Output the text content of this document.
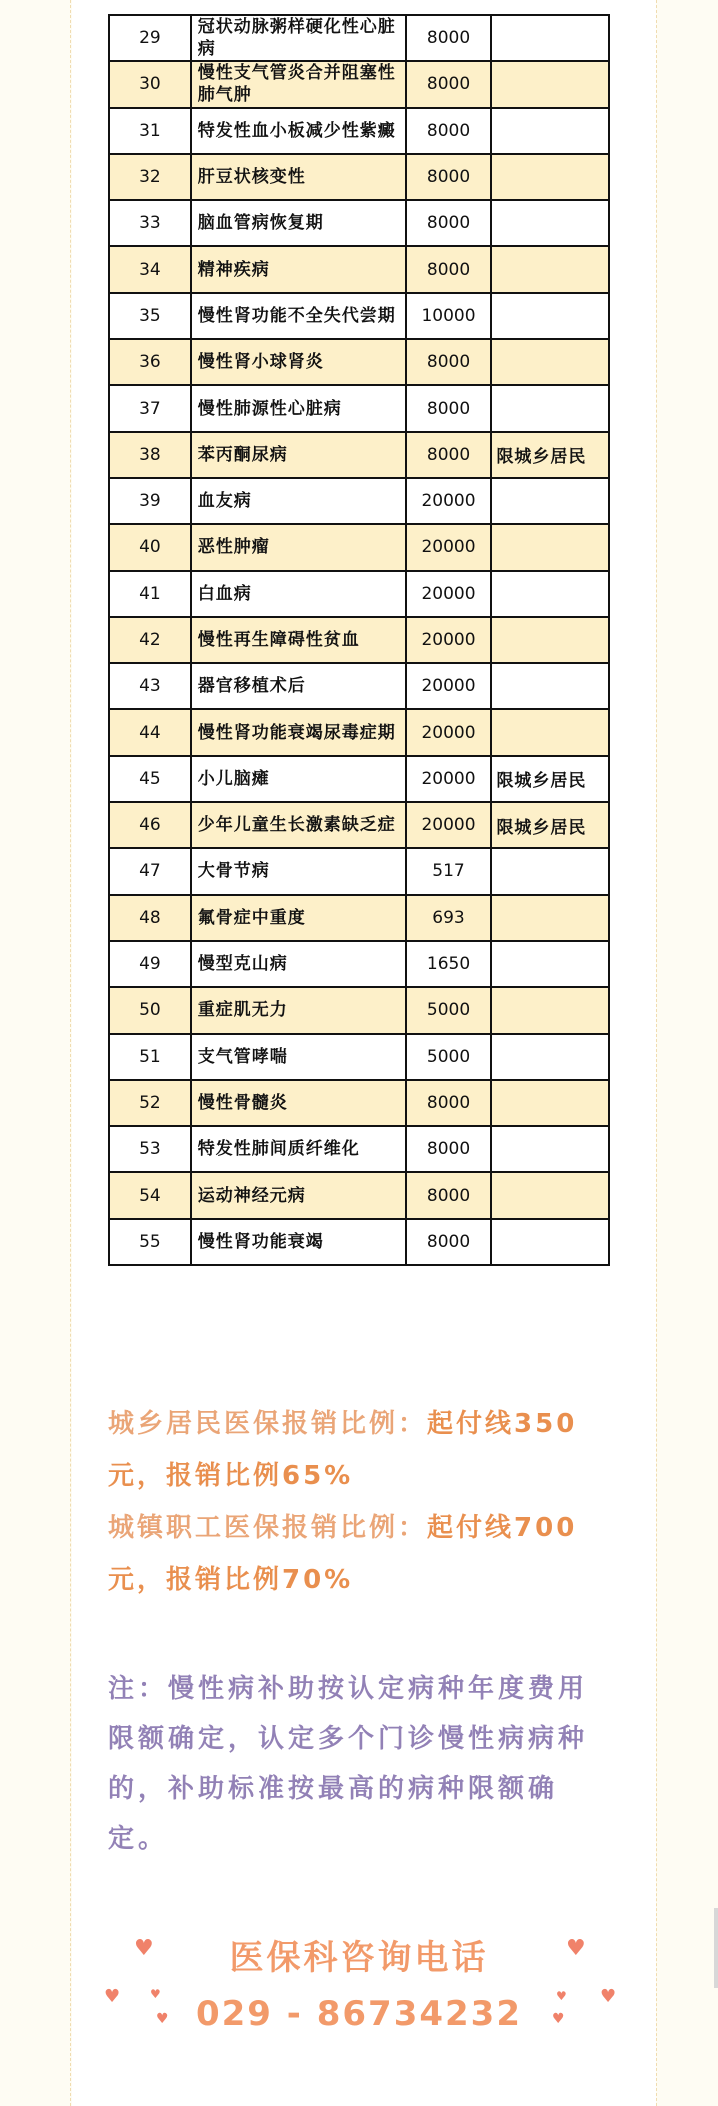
29	冠状动脉粥样硬化性心脏病	8000	
30	慢性支气管炎合并阻塞性肺气肿	8000	
31	特发性血小板减少性紫癜	8000	
32	肝豆状核变性	8000	
33	脑血管病恢复期	8000	
34	精神疾病	8000	
35	慢性肾功能不全失代尝期	10000	
36	慢性肾小球肾炎	8000	
37	慢性肺源性心脏病	8000	
38	苯丙酮尿病	8000	限城乡居民
39	血友病	20000	
40	恶性肿瘤	20000	
41	白血病	20000	
42	慢性再生障碍性贫血	20000	
43	器官移植术后	20000	
44	慢性肾功能衰竭尿毒症期	20000	
45	小儿脑瘫	20000	限城乡居民
46	少年儿童生长激素缺乏症	20000	限城乡居民
47	大骨节病	517	
48	氟骨症中重度	693	
49	慢型克山病	1650	
50	重症肌无力	5000	
51	支气管哮喘	5000	
52	慢性骨髓炎	8000	
53	特发性肺间质纤维化	8000	
54	运动神经元病	8000	
55	慢性肾功能衰竭	8000	
城乡居民医保报销比例：起付线350元，报销比例65%
城镇职工医保报销比例：起付线700元，报销比例70%
注：慢性病补助按认定病种年度费用限额确定，认定多个门诊慢性病病种的，补助标准按最高的病种限额确定。
医保科咨询电话
029 - 86734232
♥
♥ ♥
♥
♥
♥
♥
♥
